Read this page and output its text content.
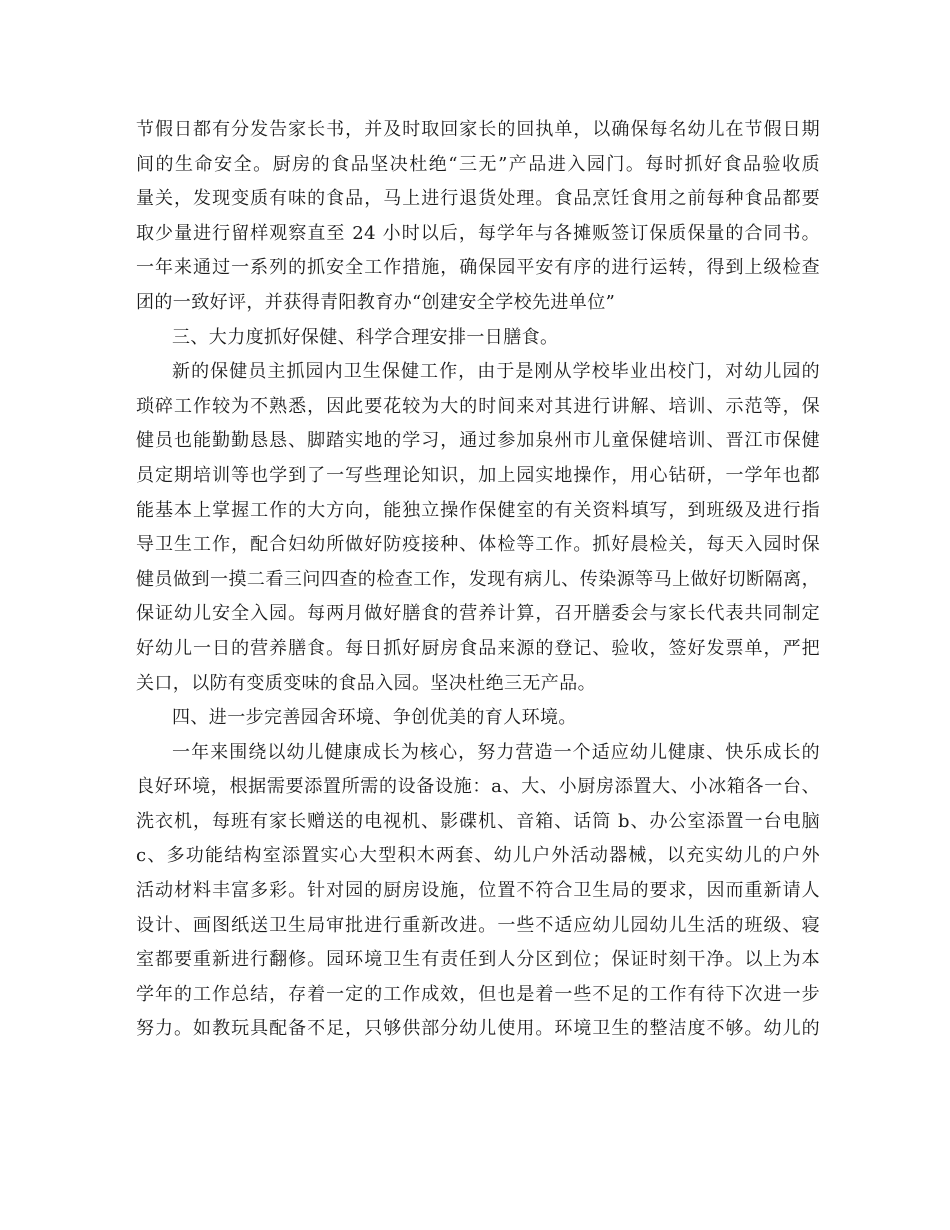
节假日都有分发告家长书，并及时取回家长的回执单，以确保每名幼儿在节假日期
间的生命安全。厨房的食品坚决杜绝“三无”产品进入园门。每时抓好食品验收质
量关，发现变质有味的食品，马上进行退货处理。食品烹饪食用之前每种食品都要
取少量进行留样观察直至 24 小时以后，每学年与各摊贩签订保质保量的合同书。
一年来通过一系列的抓安全工作措施，确保园平安有序的进行运转，得到上级检查
团的一致好评，并获得青阳教育办“创建安全学校先进单位”
三、大力度抓好保健、科学合理安排一日膳食。
新的保健员主抓园内卫生保健工作，由于是刚从学校毕业出校门，对幼儿园的
琐碎工作较为不熟悉，因此要花较为大的时间来对其进行讲解、培训、示范等，保
健员也能勤勤恳恳、脚踏实地的学习，通过参加泉州市儿童保健培训、晋江市保健
员定期培训等也学到了一写些理论知识，加上园实地操作，用心钻研，一学年也都
能基本上掌握工作的大方向，能独立操作保健室的有关资料填写，到班级及进行指
导卫生工作，配合妇幼所做好防疫接种、体检等工作。抓好晨检关，每天入园时保
健员做到一摸二看三问四查的检查工作，发现有病儿、传染源等马上做好切断隔离，
保证幼儿安全入园。每两月做好膳食的营养计算，召开膳委会与家长代表共同制定
好幼儿一日的营养膳食。每日抓好厨房食品来源的登记、验收，签好发票单，严把
关口，以防有变质变味的食品入园。坚决杜绝三无产品。
四、进一步完善园舍环境、争创优美的育人环境。
一年来围绕以幼儿健康成长为核心，努力营造一个适应幼儿健康、快乐成长的
良好环境，根据需要添置所需的设备设施：a、大、小厨房添置大、小冰箱各一台、
洗衣机，每班有家长赠送的电视机、影碟机、音箱、话筒 b、办公室添置一台电脑
c、多功能结构室添置实心大型积木两套、幼儿户外活动器械，以充实幼儿的户外
活动材料丰富多彩。针对园的厨房设施，位置不符合卫生局的要求，因而重新请人
设计、画图纸送卫生局审批进行重新改进。一些不适应幼儿园幼儿生活的班级、寝
室都要重新进行翻修。园环境卫生有责任到人分区到位；保证时刻干净。以上为本
学年的工作总结，存着一定的工作成效，但也是着一些不足的工作有待下次进一步
努力。如教玩具配备不足，只够供部分幼儿使用。环境卫生的整洁度不够。幼儿的
